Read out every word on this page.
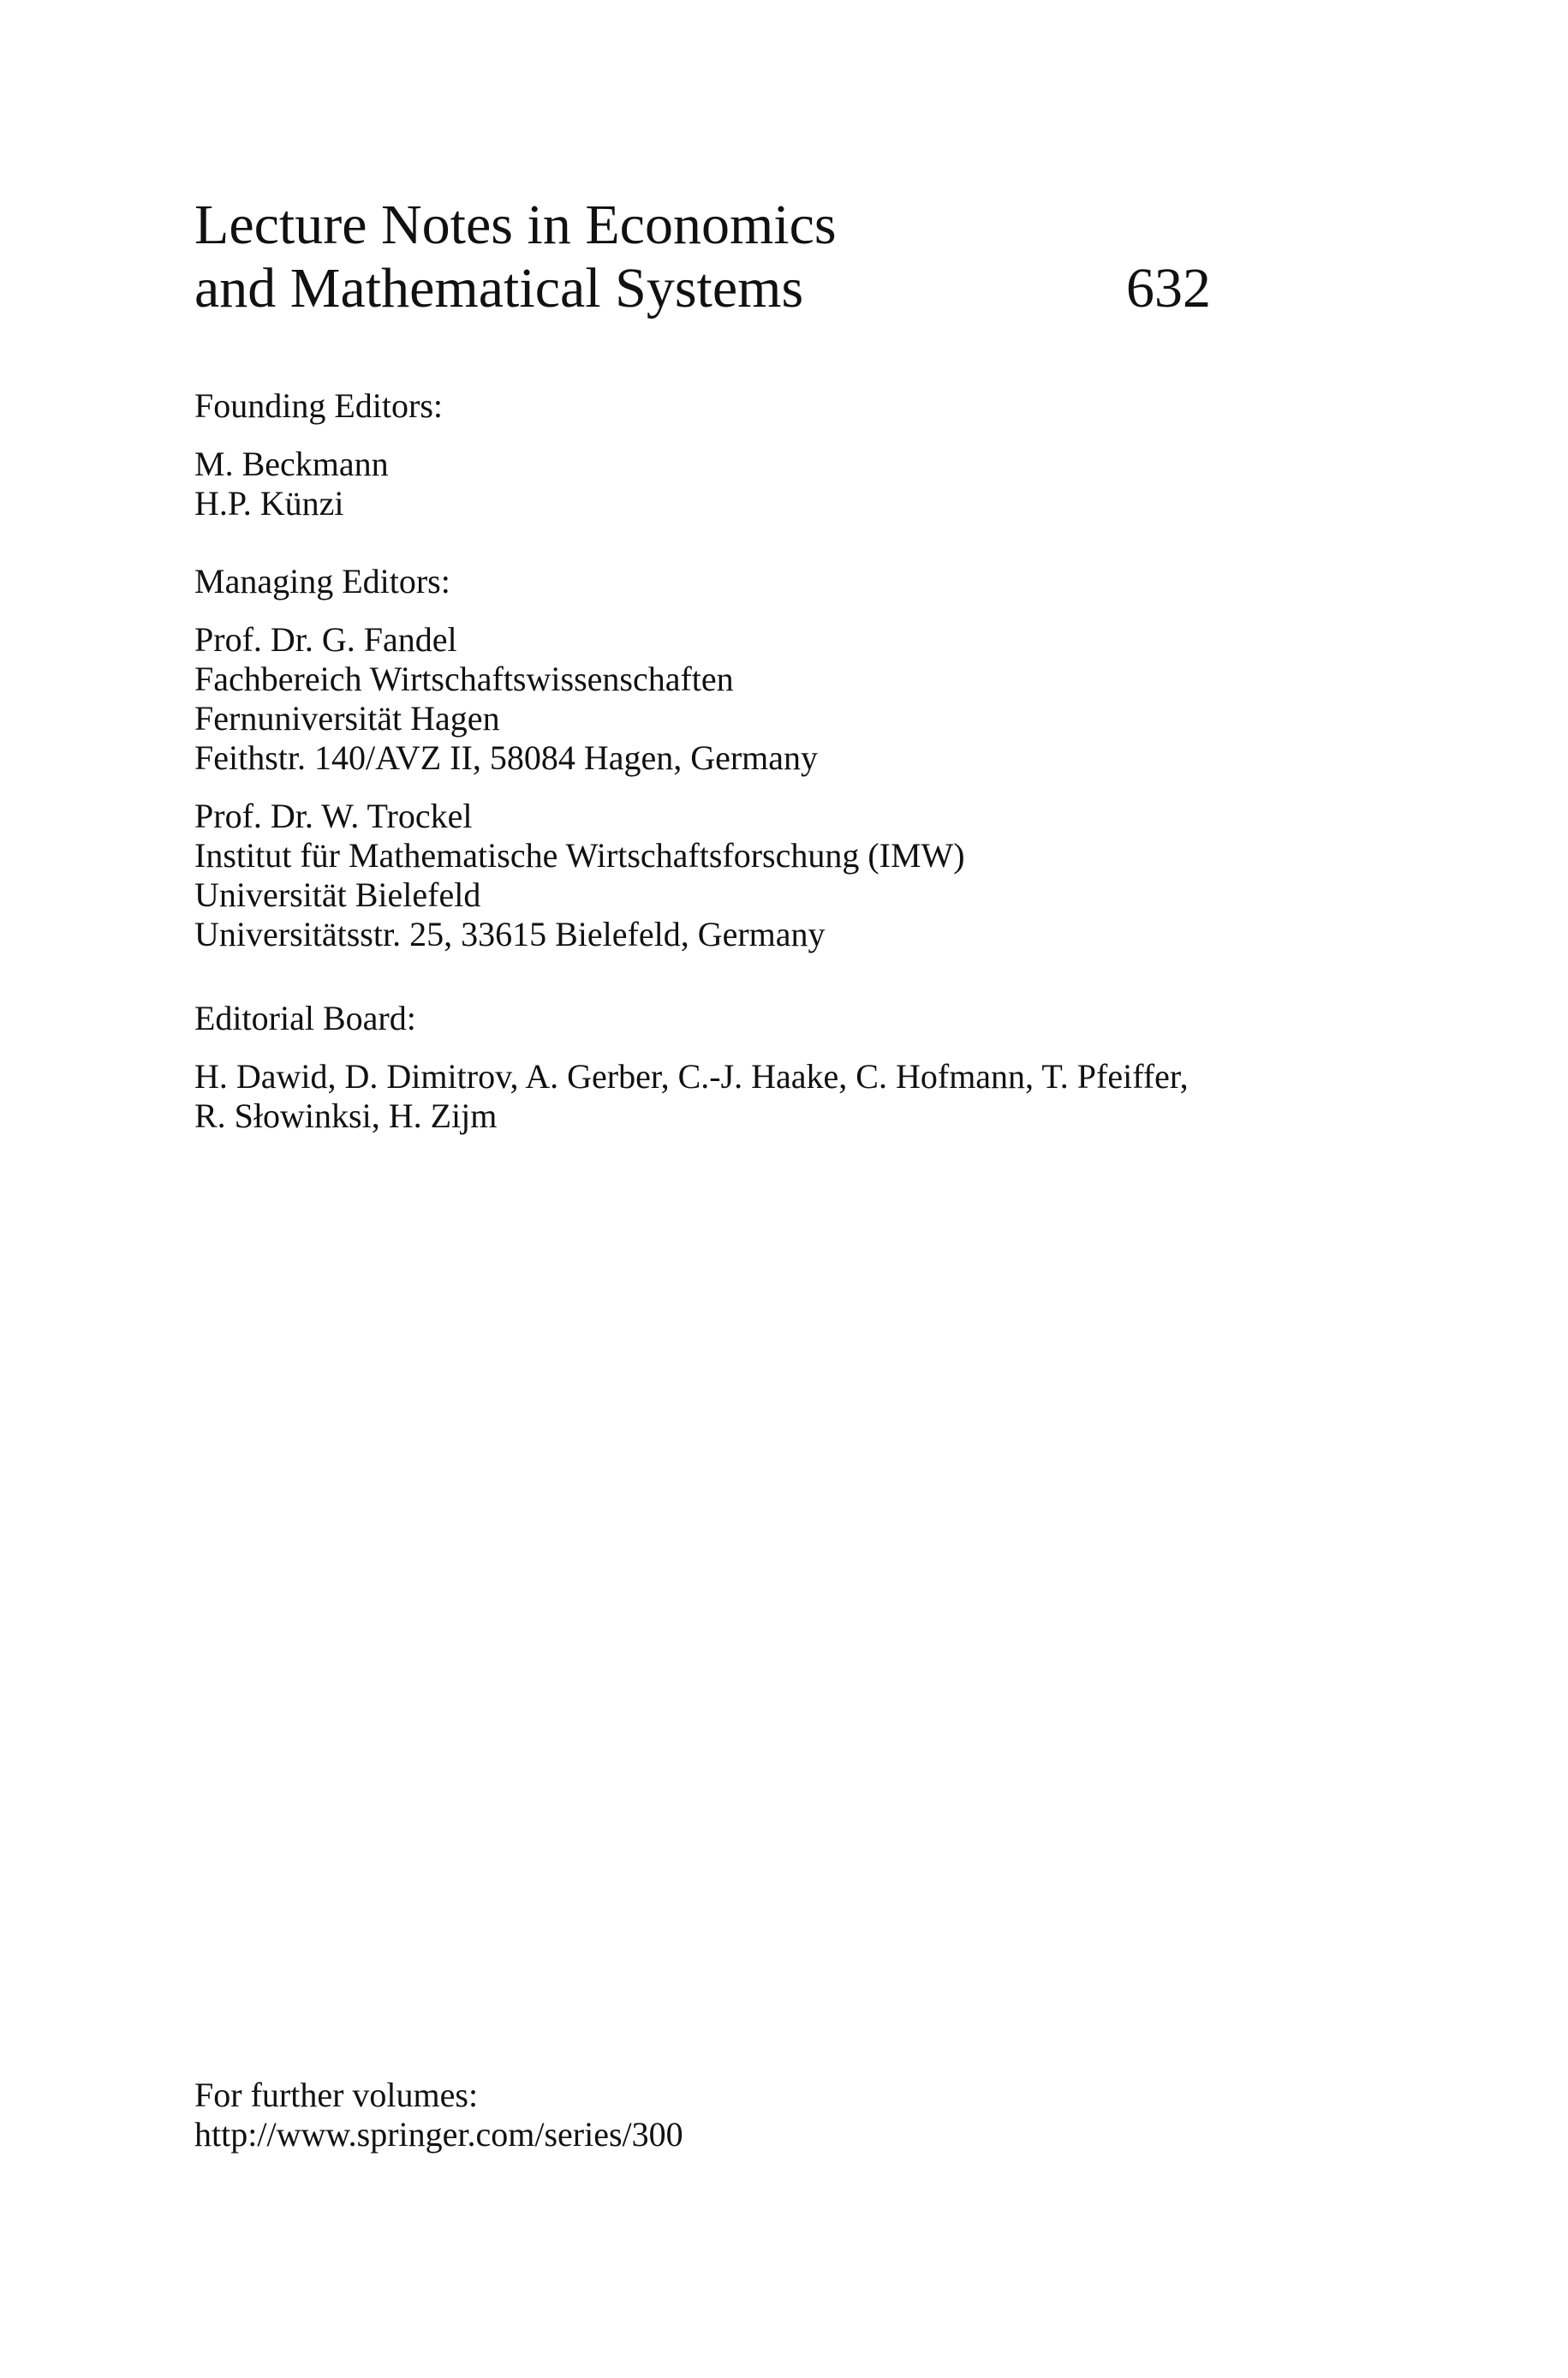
Lecture Notes in Economics
and Mathematical Systems	632
Founding Editors:
M. Beckmann
H.P. Künzi
Managing Editors:
Prof. Dr. G. Fandel
Fachbereich Wirtschaftswissenschaften
Fernuniversität Hagen
Feithstr. 140/AVZ II, 58084 Hagen, Germany
Prof. Dr. W. Trockel
Institut für Mathematische Wirtschaftsforschung (IMW)
Universität Bielefeld
Universitätsstr. 25, 33615 Bielefeld, Germany
Editorial Board:
H. Dawid, D. Dimitrov, A. Gerber, C.-J. Haake, C. Hofmann, T. Pfeiffer,
R. Słowinksi, H. Zijm
For further volumes:
http://www.springer.com/series/300
